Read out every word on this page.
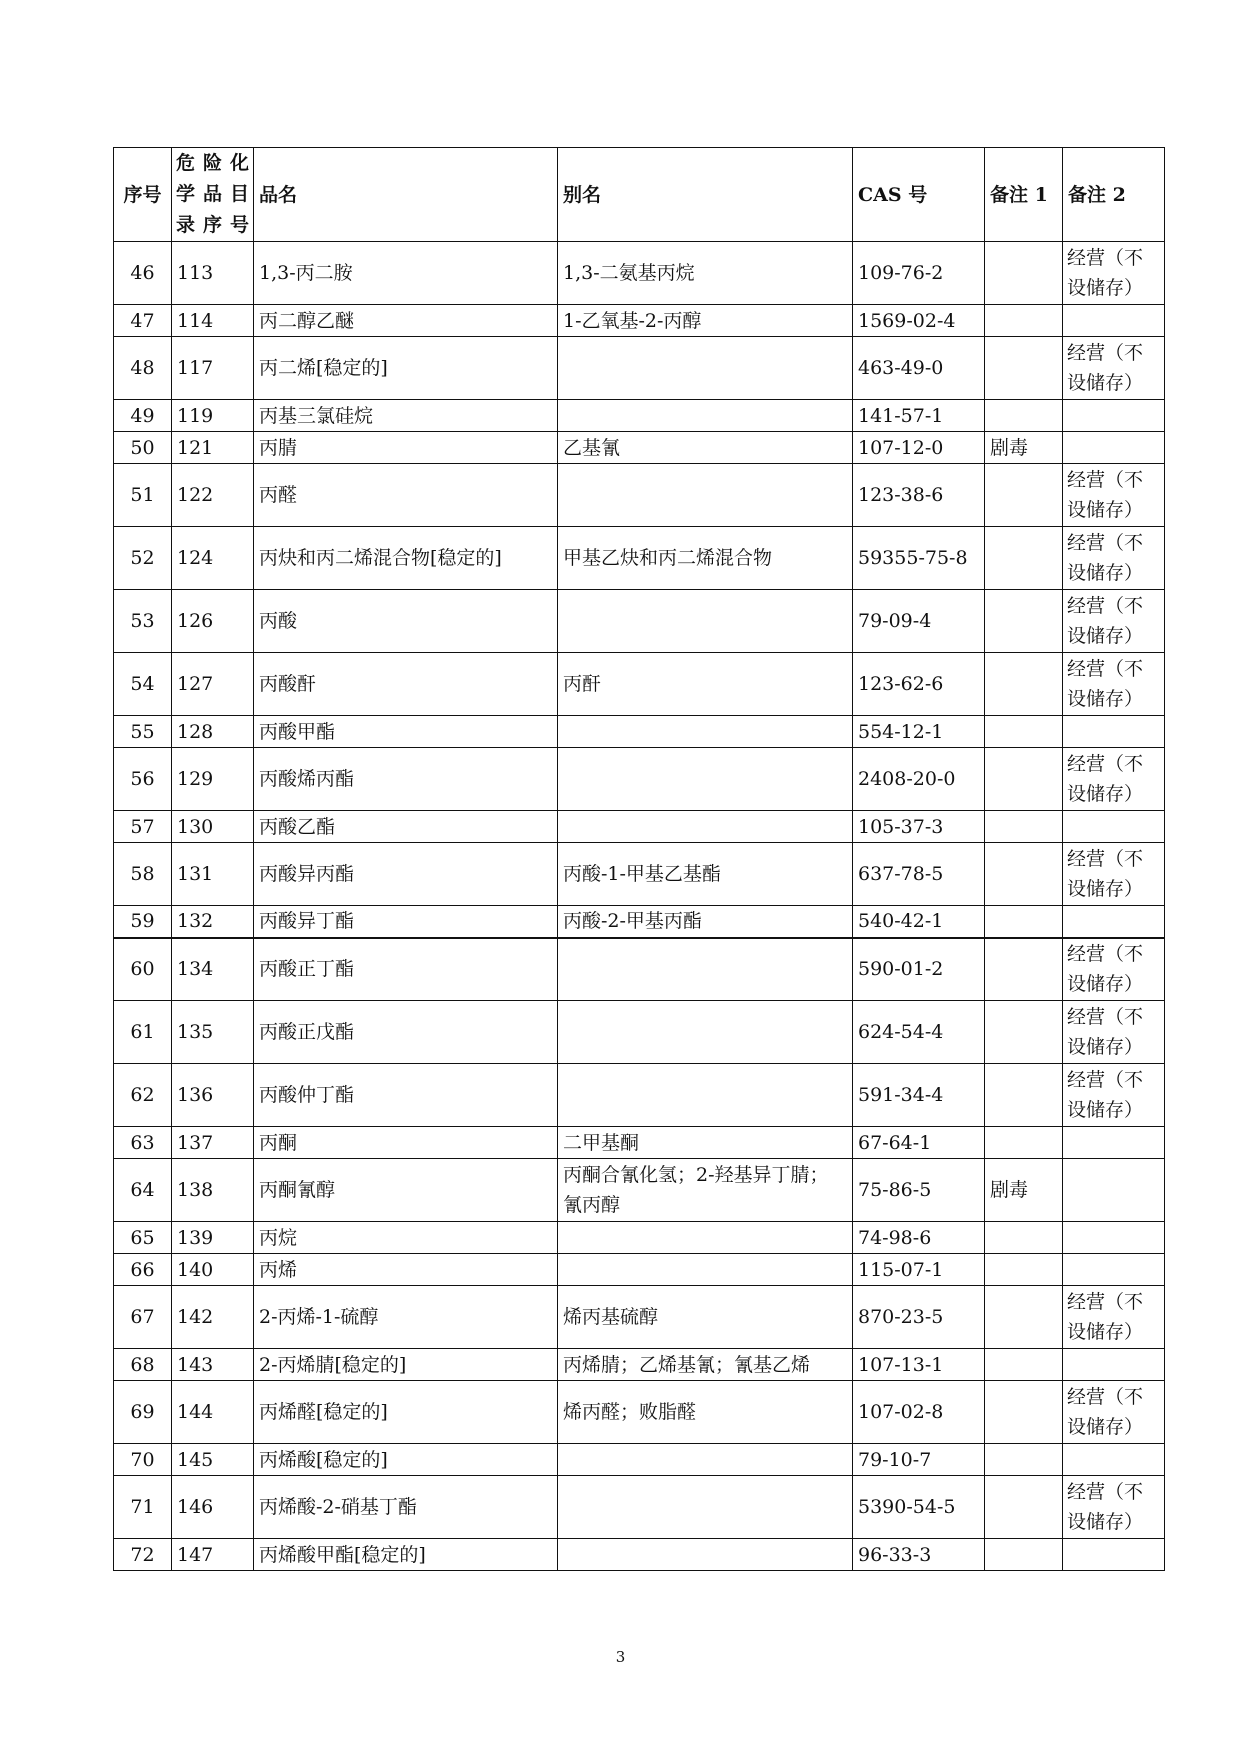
序号	危险化学品目录序号	品名	别名	CAS 号	备注 1	备注 2
46	113	1,3-丙二胺	1,3-二氨基丙烷	109-76-2		经营（不设储存）
47	114	丙二醇乙醚	1-乙氧基-2-丙醇	1569-02-4		
48	117	丙二烯[稳定的]		463-49-0		经营（不设储存）
49	119	丙基三氯硅烷		141-57-1		
50	121	丙腈	乙基氰	107-12-0	剧毒	
51	122	丙醛		123-38-6		经营（不设储存）
52	124	丙炔和丙二烯混合物[稳定的]	甲基乙炔和丙二烯混合物	59355-75-8		经营（不设储存）
53	126	丙酸		79-09-4		经营（不设储存）
54	127	丙酸酐	丙酐	123-62-6		经营（不设储存）
55	128	丙酸甲酯		554-12-1		
56	129	丙酸烯丙酯		2408-20-0		经营（不设储存）
57	130	丙酸乙酯		105-37-3		
58	131	丙酸异丙酯	丙酸-1-甲基乙基酯	637-78-5		经营（不设储存）
59	132	丙酸异丁酯	丙酸-2-甲基丙酯	540-42-1		
60	134	丙酸正丁酯		590-01-2		经营（不设储存）
61	135	丙酸正戊酯		624-54-4		经营（不设储存）
62	136	丙酸仲丁酯		591-34-4		经营（不设储存）
63	137	丙酮	二甲基酮	67-64-1		
64	138	丙酮氰醇	丙酮合氰化氢；2-羟基异丁腈；氰丙醇	75-86-5	剧毒	
65	139	丙烷		74-98-6		
66	140	丙烯		115-07-1		
67	142	2-丙烯-1-硫醇	烯丙基硫醇	870-23-5		经营（不设储存）
68	143	2-丙烯腈[稳定的]	丙烯腈；乙烯基氰；氰基乙烯	107-13-1		
69	144	丙烯醛[稳定的]	烯丙醛；败脂醛	107-02-8		经营（不设储存）
70	145	丙烯酸[稳定的]		79-10-7		
71	146	丙烯酸-2-硝基丁酯		5390-54-5		经营（不设储存）
72	147	丙烯酸甲酯[稳定的]		96-33-3		
3
